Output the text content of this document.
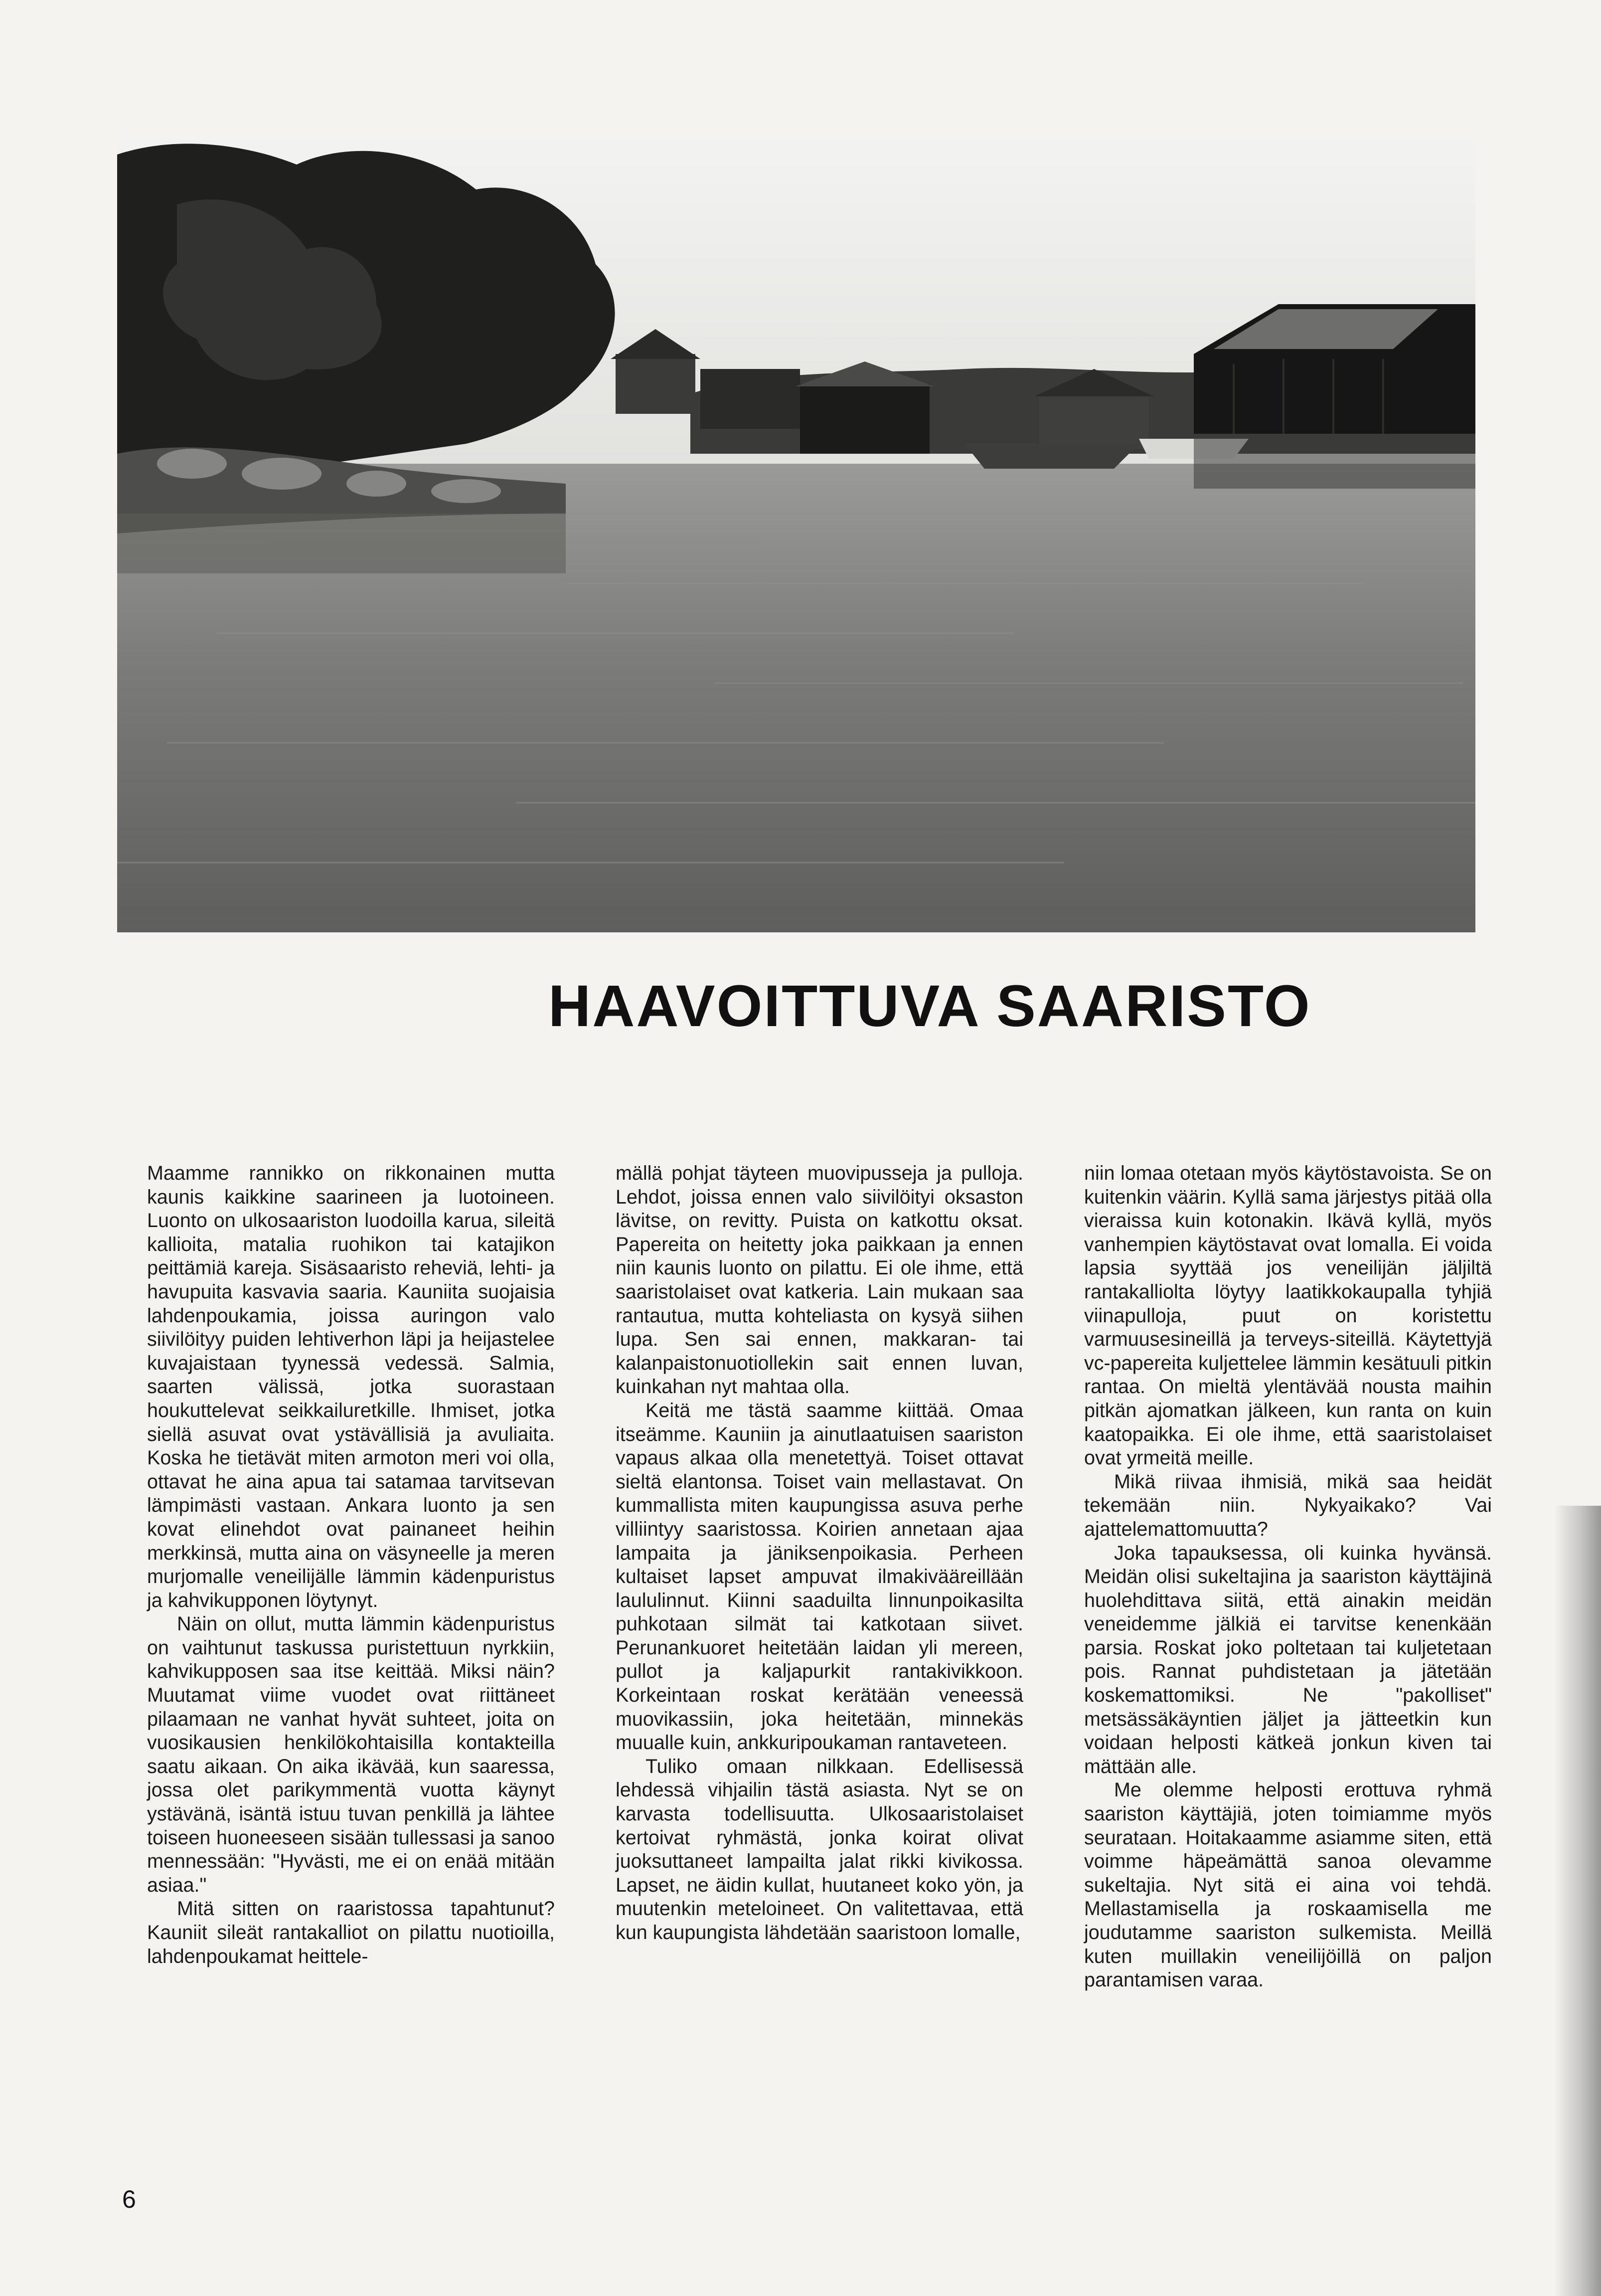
HAAVOITTUVA SAARISTO

Maamme rannikko on rikkonainen mutta kaunis kaikkine saarineen ja luotoineen. Luonto on ulkosaariston luodoilla karua, sileitä kallioita, matalia ruohikon tai katajikon peittämiä kareja. Sisäsaaristo reheviä, lehti- ja havupuita kasvavia saaria. Kauniita suojaisia lahdenpoukamia, joissa auringon valo siivilöityy puiden lehtiverhon läpi ja heijastelee kuvajaistaan tyynessä vedessä. Salmia, saarten välissä, jotka suorastaan houkuttelevat seikkailuretkille. Ihmiset, jotka siellä asuvat ovat ystävällisiä ja avuliaita. Koska he tietävät miten armoton meri voi olla, ottavat he aina apua tai satamaa tarvitsevan lämpimästi vastaan. Ankara luonto ja sen kovat elinehdot ovat painaneet heihin merkkinsä, mutta aina on väsyneelle ja meren murjomalle veneilijälle lämmin kädenpuristus ja kahvikupponen löytynyt.

Näin on ollut, mutta lämmin kädenpuristus on vaihtunut taskussa puristettuun nyrkkiin, kahvikupposen saa itse keittää. Miksi näin? Muutamat viime vuodet ovat riittäneet pilaamaan ne vanhat hyvät suhteet, joita on vuosikausien henkilökohtaisilla kontakteilla saatu aikaan. On aika ikävää, kun saaressa, jossa olet parikymmentä vuotta käynyt ystävänä, isäntä istuu tuvan penkillä ja lähtee toiseen huoneeseen sisään tullessasi ja sanoo mennessään: "Hyvästi, me ei on enää mitään asiaa."

Mitä sitten on raaristossa tapahtunut? Kauniit sileät rantakalliot on pilattu nuotioilla, lahdenpoukamat heittele-

mällä pohjat täyteen muovipusseja ja pulloja. Lehdot, joissa ennen valo siivilöityi oksaston lävitse, on revitty. Puista on katkottu oksat. Papereita on heitetty joka paikkaan ja ennen niin kaunis luonto on pilattu. Ei ole ihme, että saaristolaiset ovat katkeria. Lain mukaan saa rantautua, mutta kohteliasta on kysyä siihen lupa. Sen sai ennen, makkaran- tai kalanpaistonuotiollekin sait ennen luvan, kuinkahan nyt mahtaa olla.

Keitä me tästä saamme kiittää. Omaa itseämme. Kauniin ja ainutlaatuisen saariston vapaus alkaa olla menetettyä. Toiset ottavat sieltä elantonsa. Toiset vain mellastavat. On kummallista miten kaupungissa asuva perhe villiintyy saaristossa. Koirien annetaan ajaa lampaita ja jäniksenpoikasia. Perheen kultaiset lapset ampuvat ilmakivääreillään laululinnut. Kiinni saaduilta linnunpoikasilta puhkotaan silmät tai katkotaan siivet. Perunankuoret heitetään laidan yli mereen, pullot ja kaljapurkit rantakivikkoon. Korkeintaan roskat kerätään veneessä muovikassiin, joka heitetään, minnekäs muualle kuin, ankkuripoukaman rantaveteen.

Tuliko omaan nilkkaan. Edellisessä lehdessä vihjailin tästä asiasta. Nyt se on karvasta todellisuutta. Ulkosaaristolaiset kertoivat ryhmästä, jonka koirat olivat juoksuttaneet lampailta jalat rikki kivikossa. Lapset, ne äidin kullat, huutaneet koko yön, ja muutenkin meteloineet. On valitettavaa, että kun kaupungista lähdetään saaristoon lomalle,

niin lomaa otetaan myös käytöstavoista. Se on kuitenkin väärin. Kyllä sama järjestys pitää olla vieraissa kuin kotonakin. Ikävä kyllä, myös vanhempien käytöstavat ovat lomalla. Ei voida lapsia syyttää jos veneilijän jäljiltä rantakalliolta löytyy laatikkokaupalla tyhjiä viinapulloja, puut on koristettu varmuusesineillä ja terveys-siteillä. Käytettyjä vc-papereita kuljettelee lämmin kesätuuli pitkin rantaa. On mieltä ylentävää nousta maihin pitkän ajomatkan jälkeen, kun ranta on kuin kaatopaikka. Ei ole ihme, että saaristolaiset ovat yrmeitä meille.

Mikä riivaa ihmisiä, mikä saa heidät tekemään niin. Nykyaikako? Vai ajattelemattomuutta?

Joka tapauksessa, oli kuinka hyvänsä. Meidän olisi sukeltajina ja saariston käyttäjinä huolehdittava siitä, että ainakin meidän veneidemme jälkiä ei tarvitse kenenkään parsia. Roskat joko poltetaan tai kuljetetaan pois. Rannat puhdistetaan ja jätetään koskemattomiksi. Ne "pakolliset" metsässäkäyntien jäljet ja jätteetkin kun voidaan helposti kätkeä jonkun kiven tai mättään alle.

Me olemme helposti erottuva ryhmä saariston käyttäjiä, joten toimiamme myös seurataan. Hoitakaamme asiamme siten, että voimme häpeämättä sanoa olevamme sukeltajia. Nyt sitä ei aina voi tehdä. Mellastamisella ja roskaamisella me joudutamme saariston sulkemista. Meillä kuten muillakin veneilijöillä on paljon parantamisen varaa.

6
